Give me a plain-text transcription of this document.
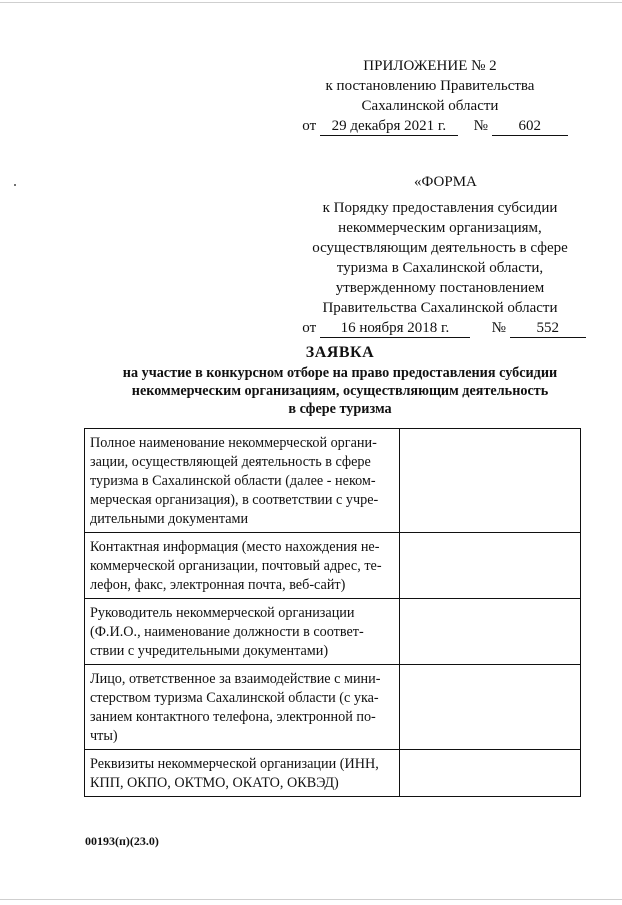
ПРИЛОЖЕНИЕ № 2
к постановлению Правительства
Сахалинской области
от 29 декабря 2021 г. № 602
«ФОРМА
к Порядку предоставления субсидии
некоммерческим организациям,
осуществляющим деятельность в сфере
туризма в Сахалинской области,
утвержденному постановлением
Правительства Сахалинской области
от 16 ноября 2018 г.	№ 552
ЗАЯВКА
на участие в конкурсном отборе на право предоставления субсидии
некоммерческим организациям, осуществляющим деятельность
в сфере туризма
Полное наименование некоммерческой органи-
зации, осуществляющей деятельность в сфере
туризма в Сахалинской области (далее - неком-
мерческая организация), в соответствии с учре-
дительными документами	

Контактная информация (место нахождения не-
коммерческой организации, почтовый адрес, те-
лефон, факс, электронная почта, веб-сайт)	

Руководитель некоммерческой организации
(Ф.И.О., наименование должности в соответ-
ствии с учредительными документами)	

Лицо, ответственное за взаимодействие с мини-
стерством туризма Сахалинской области (с ука-
занием контактного телефона, электронной по-
чты)	

Реквизиты некоммерческой организации (ИНН,
КПП, ОКПО, ОКТМО, ОКАТО, ОКВЭД)	

00193(п)(23.0)
